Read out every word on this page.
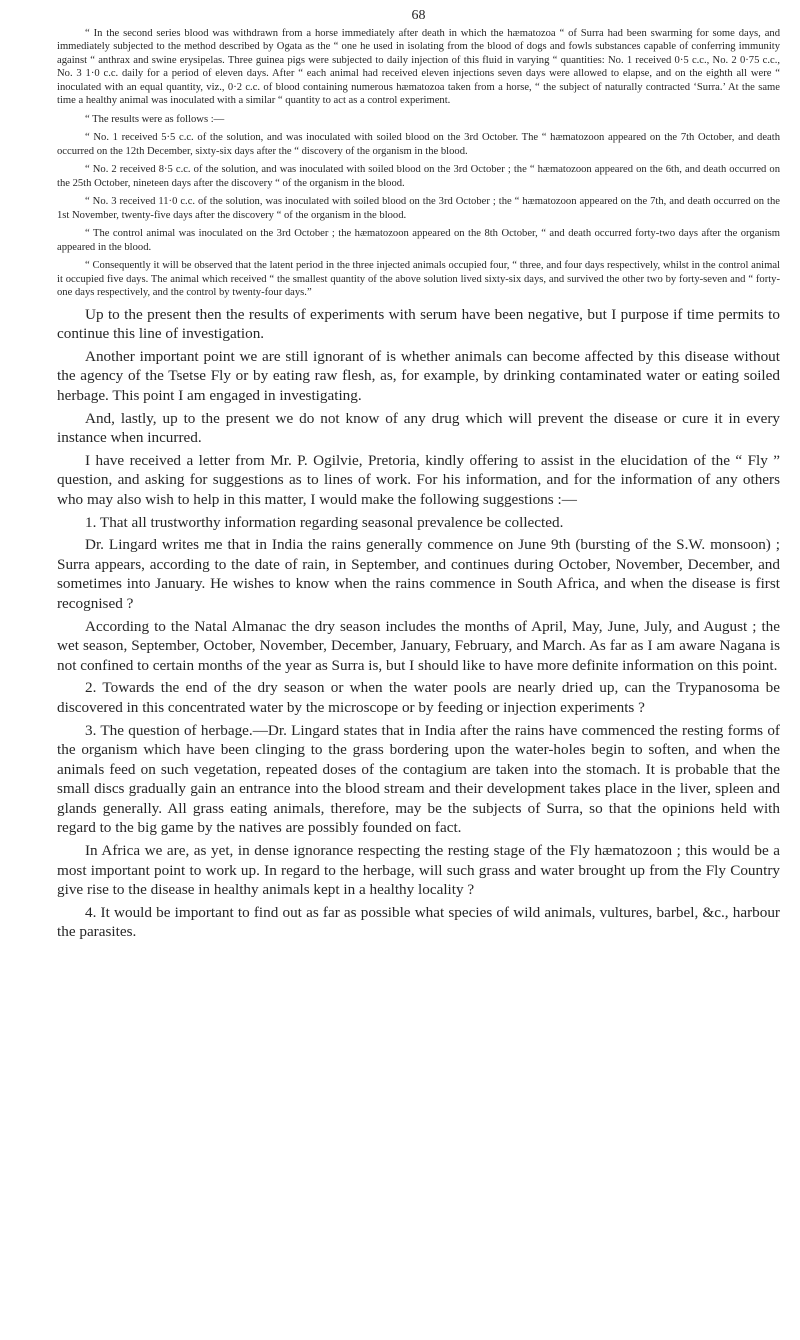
68

“ In the second series blood was withdrawn from a horse immediately after death in which the hæmatozoa “ of Surra had been swarming for some days, and immediately subjected to the method described by Ogata as the “ one he used in isolating from the blood of dogs and fowls substances capable of conferring immunity against “ anthrax and swine erysipelas. Three guinea pigs were subjected to daily injection of this fluid in varying “ quantities: No. 1 received 0·5 c.c., No. 2 0·75 c.c., No. 3 1·0 c.c. daily for a period of eleven days. After “ each animal had received eleven injections seven days were allowed to elapse, and on the eighth all were “ inoculated with an equal quantity, viz., 0·2 c.c. of blood containing numerous hæmatozoa taken from a horse, “ the subject of naturally contracted ‘Surra.’ At the same time a healthy animal was inoculated with a similar “ quantity to act as a control experiment.

“ The results were as follows :—

“ No. 1 received 5·5 c.c. of the solution, and was inoculated with soiled blood on the 3rd October. The “ hæmatozoon appeared on the 7th October, and death occurred on the 12th December, sixty-six days after the “ discovery of the organism in the blood.

“ No. 2 received 8·5 c.c. of the solution, and was inoculated with soiled blood on the 3rd October ; the “ hæmatozoon appeared on the 6th, and death occurred on the 25th October, nineteen days after the discovery “ of the organism in the blood.

“ No. 3 received 11·0 c.c. of the solution, was inoculated with soiled blood on the 3rd October ; the “ hæmatozoon appeared on the 7th, and death occurred on the 1st November, twenty-five days after the discovery “ of the organism in the blood.

“ The control animal was inoculated on the 3rd October ; the hæmatozoon appeared on the 8th October, “ and death occurred forty-two days after the organism appeared in the blood.

“ Consequently it will be observed that the latent period in the three injected animals occupied four, “ three, and four days respectively, whilst in the control animal it occupied five days. The animal which received “ the smallest quantity of the above solution lived sixty-six days, and survived the other two by forty-seven and “ forty-one days respectively, and the control by twenty-four days.”

Up to the present then the results of experiments with serum have been negative, but I purpose if time permits to continue this line of investigation.

Another important point we are still ignorant of is whether animals can become affected by this disease without the agency of the Tsetse Fly or by eating raw flesh, as, for example, by drinking contaminated water or eating soiled herbage. This point I am engaged in investigating.

And, lastly, up to the present we do not know of any drug which will prevent the disease or cure it in every instance when incurred.

I have received a letter from Mr. P. Ogilvie, Pretoria, kindly offering to assist in the elucidation of the “ Fly ” question, and asking for suggestions as to lines of work. For his information, and for the information of any others who may also wish to help in this matter, I would make the following suggestions :—

1. That all trustworthy information regarding seasonal prevalence be collected.

Dr. Lingard writes me that in India the rains generally commence on June 9th (bursting of the S.W. monsoon) ; Surra appears, according to the date of rain, in September, and continues during October, November, December, and sometimes into January. He wishes to know when the rains commence in South Africa, and when the disease is first recognised ?

According to the Natal Almanac the dry season includes the months of April, May, June, July, and August ; the wet season, September, October, November, December, January, February, and March. As far as I am aware Nagana is not confined to certain months of the year as Surra is, but I should like to have more definite information on this point.

2. Towards the end of the dry season or when the water pools are nearly dried up, can the Trypanosoma be discovered in this concentrated water by the microscope or by feeding or injection experiments ?

3. The question of herbage.—Dr. Lingard states that in India after the rains have commenced the resting forms of the organism which have been clinging to the grass bordering upon the water-holes begin to soften, and when the animals feed on such vegetation, repeated doses of the contagium are taken into the stomach. It is probable that the small discs gradually gain an entrance into the blood stream and their development takes place in the liver, spleen and glands generally. All grass eating animals, therefore, may be the subjects of Surra, so that the opinions held with regard to the big game by the natives are possibly founded on fact.

In Africa we are, as yet, in dense ignorance respecting the resting stage of the Fly hæmatozoon ; this would be a most important point to work up. In regard to the herbage, will such grass and water brought up from the Fly Country give rise to the disease in healthy animals kept in a healthy locality ?

4. It would be important to find out as far as possible what species of wild animals, vultures, barbel, &c., harbour the parasites.
